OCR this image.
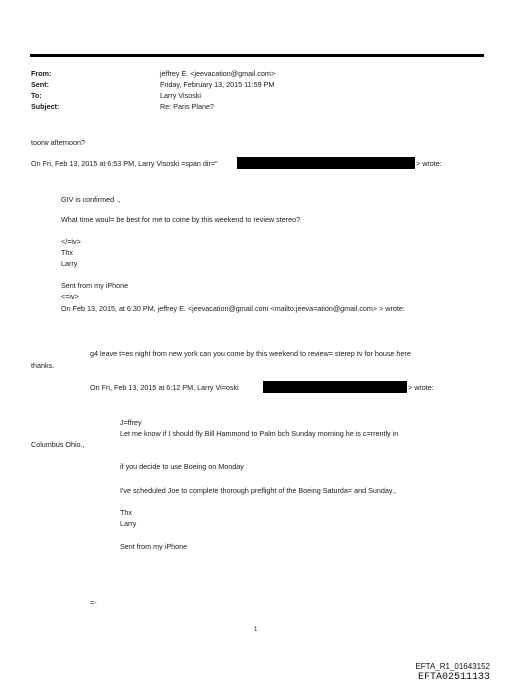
From:
Sent:
To:
Subject:
jeffrey E. <jeevacation@gmail.com>
Friday, February 13, 2015 11:59 PM
Larry Visoski
Re: Paris Plane?
toorw afternoon?
On Fri, Feb 13, 2015 at 6:53 PM, Larry Visoski =span dir="	> wrote:
GIV is confirmed .,
What time woul= be best for me to come by this weekend to review stereo?
</=iv>
Thx
Larry
Sent from my iPhone
<=iv>
On Feb 13, 2015, at 6:30 PM, jeffrey E. <jeevacation@gmail.com <mailto:jeeva=ation@gmail.com> > wrote:
g4 leave t=es night from new york can you come by this weekend to review= sterep tv for house here
thanks.
On Fri, Feb 13, 2015 at 6:12 PM, Larry Vi=oski	> wrote:
J=ffrey
Let me know if I should fly Bill Hammond to Palm bch Sunday morning he is c=rrently in
Columbus Ohio.,
if you decide to use Boeing on Monday
I've scheduled Joe to complete thorough preflight of the Boeing Saturda= and Sunday.,
Thx
Larry
Sent from my iPhone
=-
1
EFTA_R1_01643152
EFTA02511133
